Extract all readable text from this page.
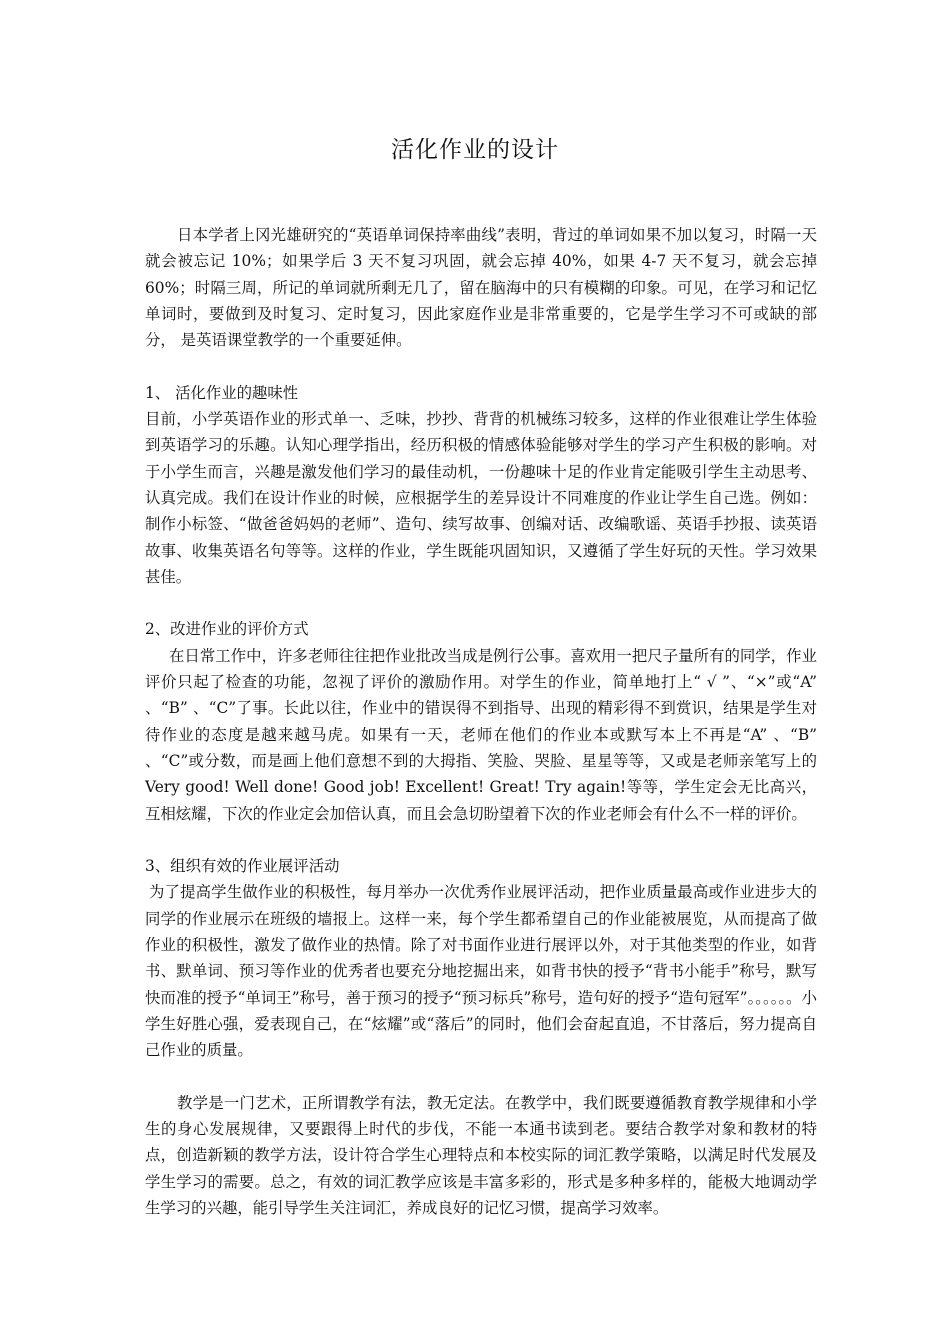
活化作业的设计

日本学者上冈光雄研究的“英语单词保持率曲线”表明，背过的单词如果不加以复习，时隔一天就会被忘记 10%；如果学后 3 天不复习巩固，就会忘掉 40%，如果 4-7 天不复习，就会忘掉 60%；时隔三周，所记的单词就所剩无几了，留在脑海中的只有模糊的印象。可见，在学习和记忆单词时，要做到及时复习、定时复习，因此家庭作业是非常重要的，它是学生学习不可或缺的部分， 是英语课堂教学的一个重要延伸。

1、 活化作业的趣味性

目前，小学英语作业的形式单一、乏味，抄抄、背背的机械练习较多，这样的作业很难让学生体验到英语学习的乐趣。认知心理学指出，经历积极的情感体验能够对学生的学习产生积极的影响。对于小学生而言，兴趣是激发他们学习的最佳动机，一份趣味十足的作业肯定能吸引学生主动思考、认真完成。我们在设计作业的时候，应根据学生的差异设计不同难度的作业让学生自己选。例如：制作小标签、“做爸爸妈妈的老师”、造句、续写故事、创编对话、改编歌谣、英语手抄报、读英语故事、收集英语名句等等。这样的作业，学生既能巩固知识，又遵循了学生好玩的天性。学习效果甚佳。

2、改进作业的评价方式

在日常工作中，许多老师往往把作业批改当成是例行公事。喜欢用一把尺子量所有的同学，作业评价只起了检查的功能，忽视了评价的激励作用。对学生的作业，简单地打上“ √ ”、“×”或“A” 、“B” 、“C”了事。长此以往，作业中的错误得不到指导、出现的精彩得不到赏识，结果是学生对待作业的态度是越来越马虎。如果有一天，老师在他们的作业本或默写本上不再是“A” 、“B” 、“C”或分数，而是画上他们意想不到的大拇指、笑脸、哭脸、星星等等，又或是老师亲笔写上的 Very good! Well done! Good job! Excellent! Great! Try again!等等，学生定会无比高兴，互相炫耀，下次的作业定会加倍认真，而且会急切盼望着下次的作业老师会有什么不一样的评价。

3、组织有效的作业展评活动

为了提高学生做作业的积极性，每月举办一次优秀作业展评活动，把作业质量最高或作业进步大的同学的作业展示在班级的墙报上。这样一来，每个学生都希望自己的作业能被展览，从而提高了做作业的积极性，激发了做作业的热情。除了对书面作业进行展评以外，对于其他类型的作业，如背书、默单词、预习等作业的优秀者也要充分地挖掘出来，如背书快的授予“背书小能手”称号，默写快而准的授予“单词王”称号，善于预习的授予“预习标兵”称号，造句好的授予“造句冠军”。。。。。。小学生好胜心强，爱表现自己，在“炫耀”或“落后”的同时，他们会奋起直追，不甘落后，努力提高自己作业的质量。

教学是一门艺术，正所谓教学有法，教无定法。在教学中，我们既要遵循教育教学规律和小学生的身心发展规律，又要跟得上时代的步伐，不能一本通书读到老。要结合教学对象和教材的特点，创造新颖的教学方法，设计符合学生心理特点和本校实际的词汇教学策略，以满足时代发展及学生学习的需要。总之，有效的词汇教学应该是丰富多彩的，形式是多种多样的，能极大地调动学生学习的兴趣，能引导学生关注词汇，养成良好的记忆习惯，提高学习效率。
